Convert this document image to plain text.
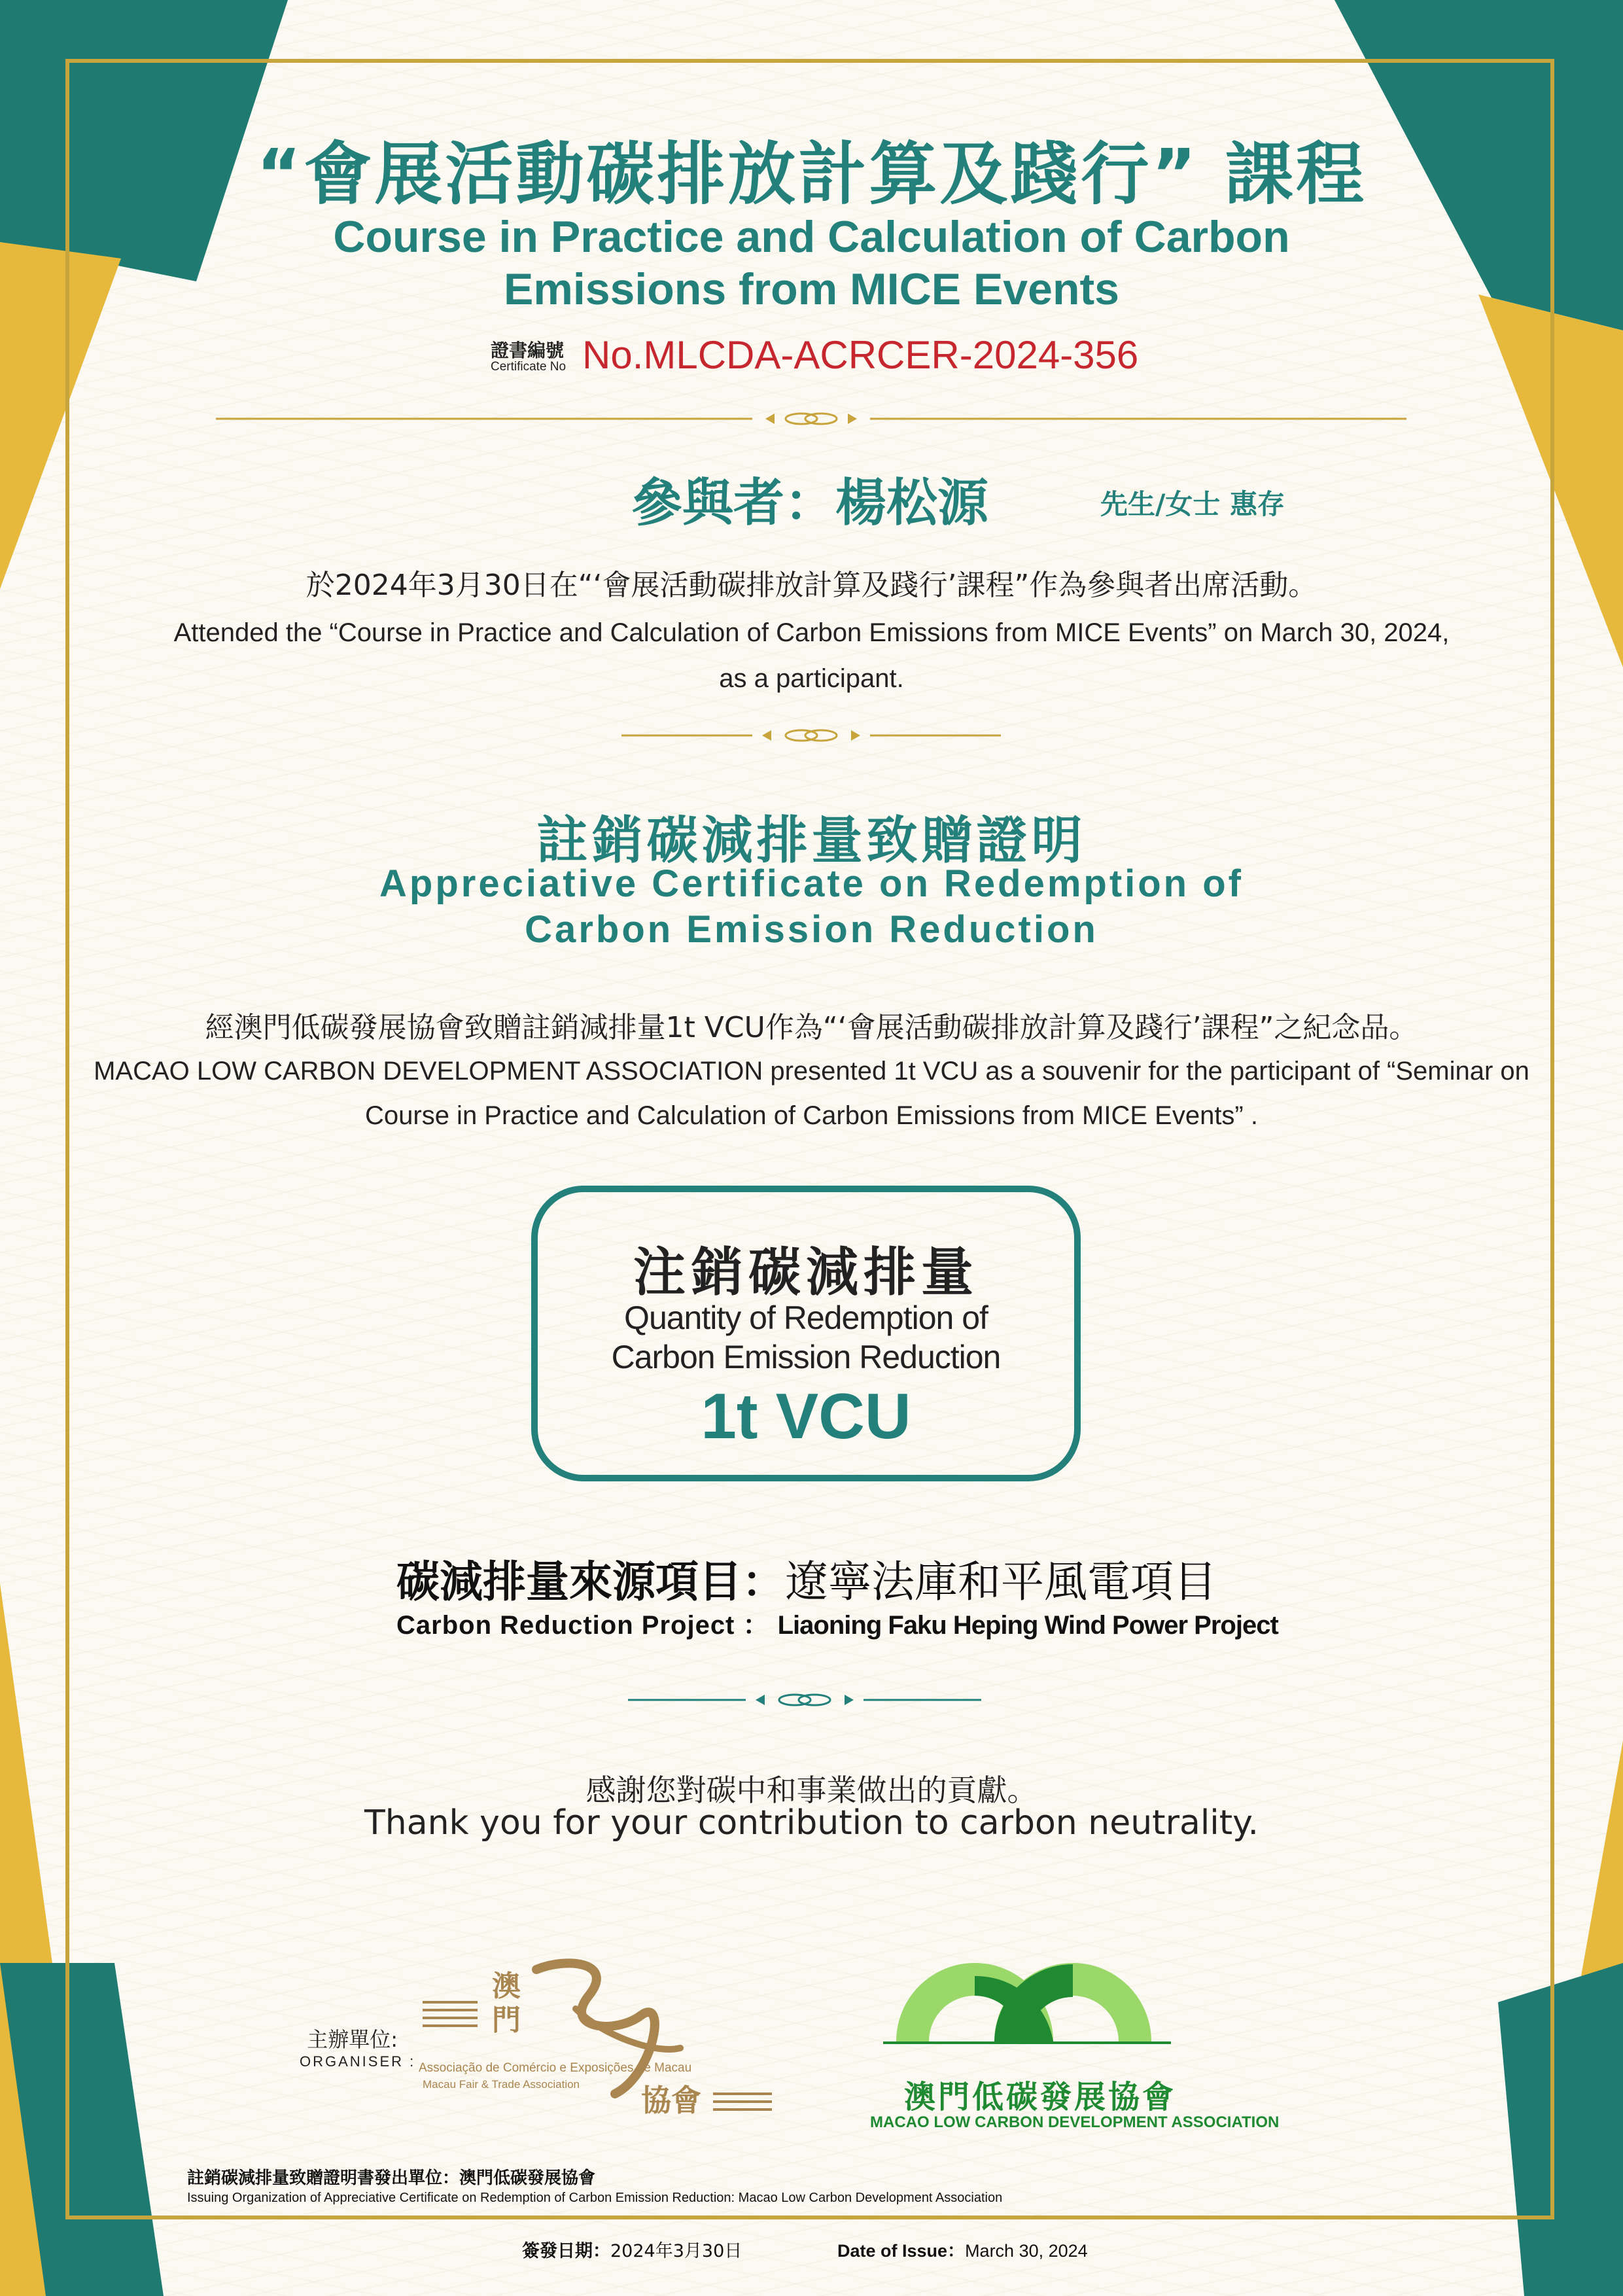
“會展活動碳排放計算及踐行” 課程
Course in Practice and Calculation of Carbon
Emissions from MICE Events
證書編號
Certificate No No.MLCDA-ACRCER-2024-356
參與者：楊松源	先生/女士 惠存
於2024年3月30日在“‘會展活動碳排放計算及踐行’課程”作為參與者出席活動。
Attended the “Course in Practice and Calculation of Carbon Emissions from MICE Events” on March 30, 2024,
as a participant.
註銷碳減排量致贈證明
Appreciative Certificate on Redemption of
Carbon Emission Reduction
經澳門低碳發展協會致贈註銷減排量1t VCU作為“‘會展活動碳排放計算及踐行’課程”之紀念品。
MACAO LOW CARBON DEVELOPMENT ASSOCIATION presented 1t VCU as a souvenir for the participant of “Seminar on
Course in Practice and Calculation of Carbon Emissions from MICE Events” .
注銷碳減排量
Quantity of Redemption of
Carbon Emission Reduction
1t VCU
碳減排量來源項目：遼寧法庫和平風電項目
Carbon Reduction Project ： Liaoning Faku Heping Wind Power Project
感謝您對碳中和事業做出的貢獻。
Thank you for your contribution to carbon neutrality.
主辦單位:
ORGANISER :
澳
門
協會
Associação de Comércio e Exposições de Macau
Macau Fair & Trade Association	澳門低碳發展協會
MACAO LOW CARBON DEVELOPMENT ASSOCIATION
註銷碳減排量致贈證明書發出單位：澳門低碳發展協會
Issuing Organization of Appreciative Certificate on Redemption of Carbon Emission Reduction: Macao Low Carbon Development Association
簽發日期：2024年3月30日	Date of Issue：March 30, 2024
